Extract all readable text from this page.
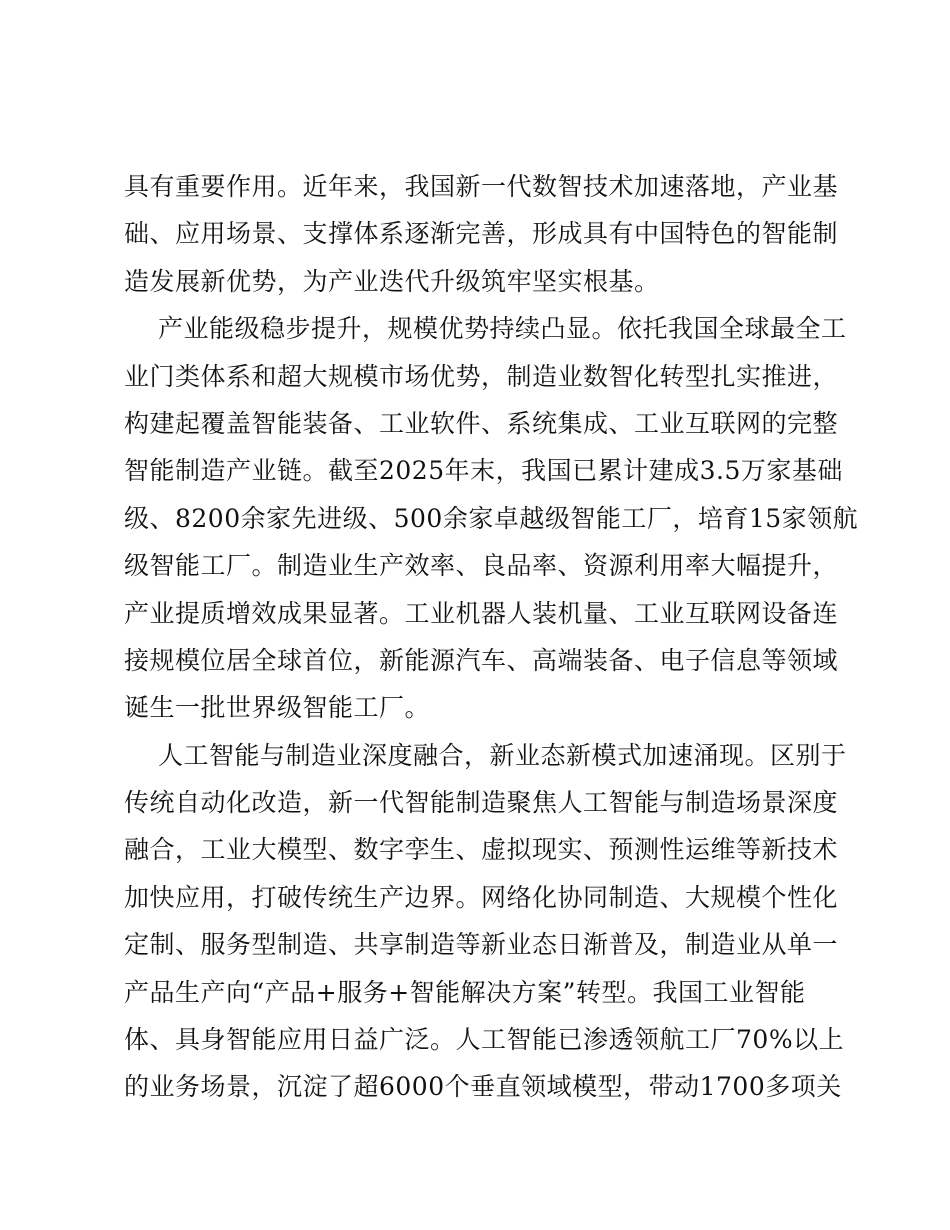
具有重要作用。近年来，我国新一代数智技术加速落地，产业基
础、应用场景、支撑体系逐渐完善，形成具有中国特色的智能制
造发展新优势，为产业迭代升级筑牢坚实根基。
产业能级稳步提升，规模优势持续凸显。依托我国全球最全工
业门类体系和超大规模市场优势，制造业数智化转型扎实推进，
构建起覆盖智能装备、工业软件、系统集成、工业互联网的完整
智能制造产业链。截至2025年末，我国已累计建成3.5万家基础
级、8200余家先进级、500余家卓越级智能工厂，培育15家领航
级智能工厂。制造业生产效率、良品率、资源利用率大幅提升，
产业提质增效成果显著。工业机器人装机量、工业互联网设备连
接规模位居全球首位，新能源汽车、高端装备、电子信息等领域
诞生一批世界级智能工厂。
人工智能与制造业深度融合，新业态新模式加速涌现。区别于
传统自动化改造，新一代智能制造聚焦人工智能与制造场景深度
融合，工业大模型、数字孪生、虚拟现实、预测性运维等新技术
加快应用，打破传统生产边界。网络化协同制造、大规模个性化
定制、服务型制造、共享制造等新业态日渐普及，制造业从单一
产品生产向“产品+服务+智能解决方案”转型。我国工业智能
体、具身智能应用日益广泛。人工智能已渗透领航工厂70%以上
的业务场景，沉淀了超6000个垂直领域模型，带动1700多项关
